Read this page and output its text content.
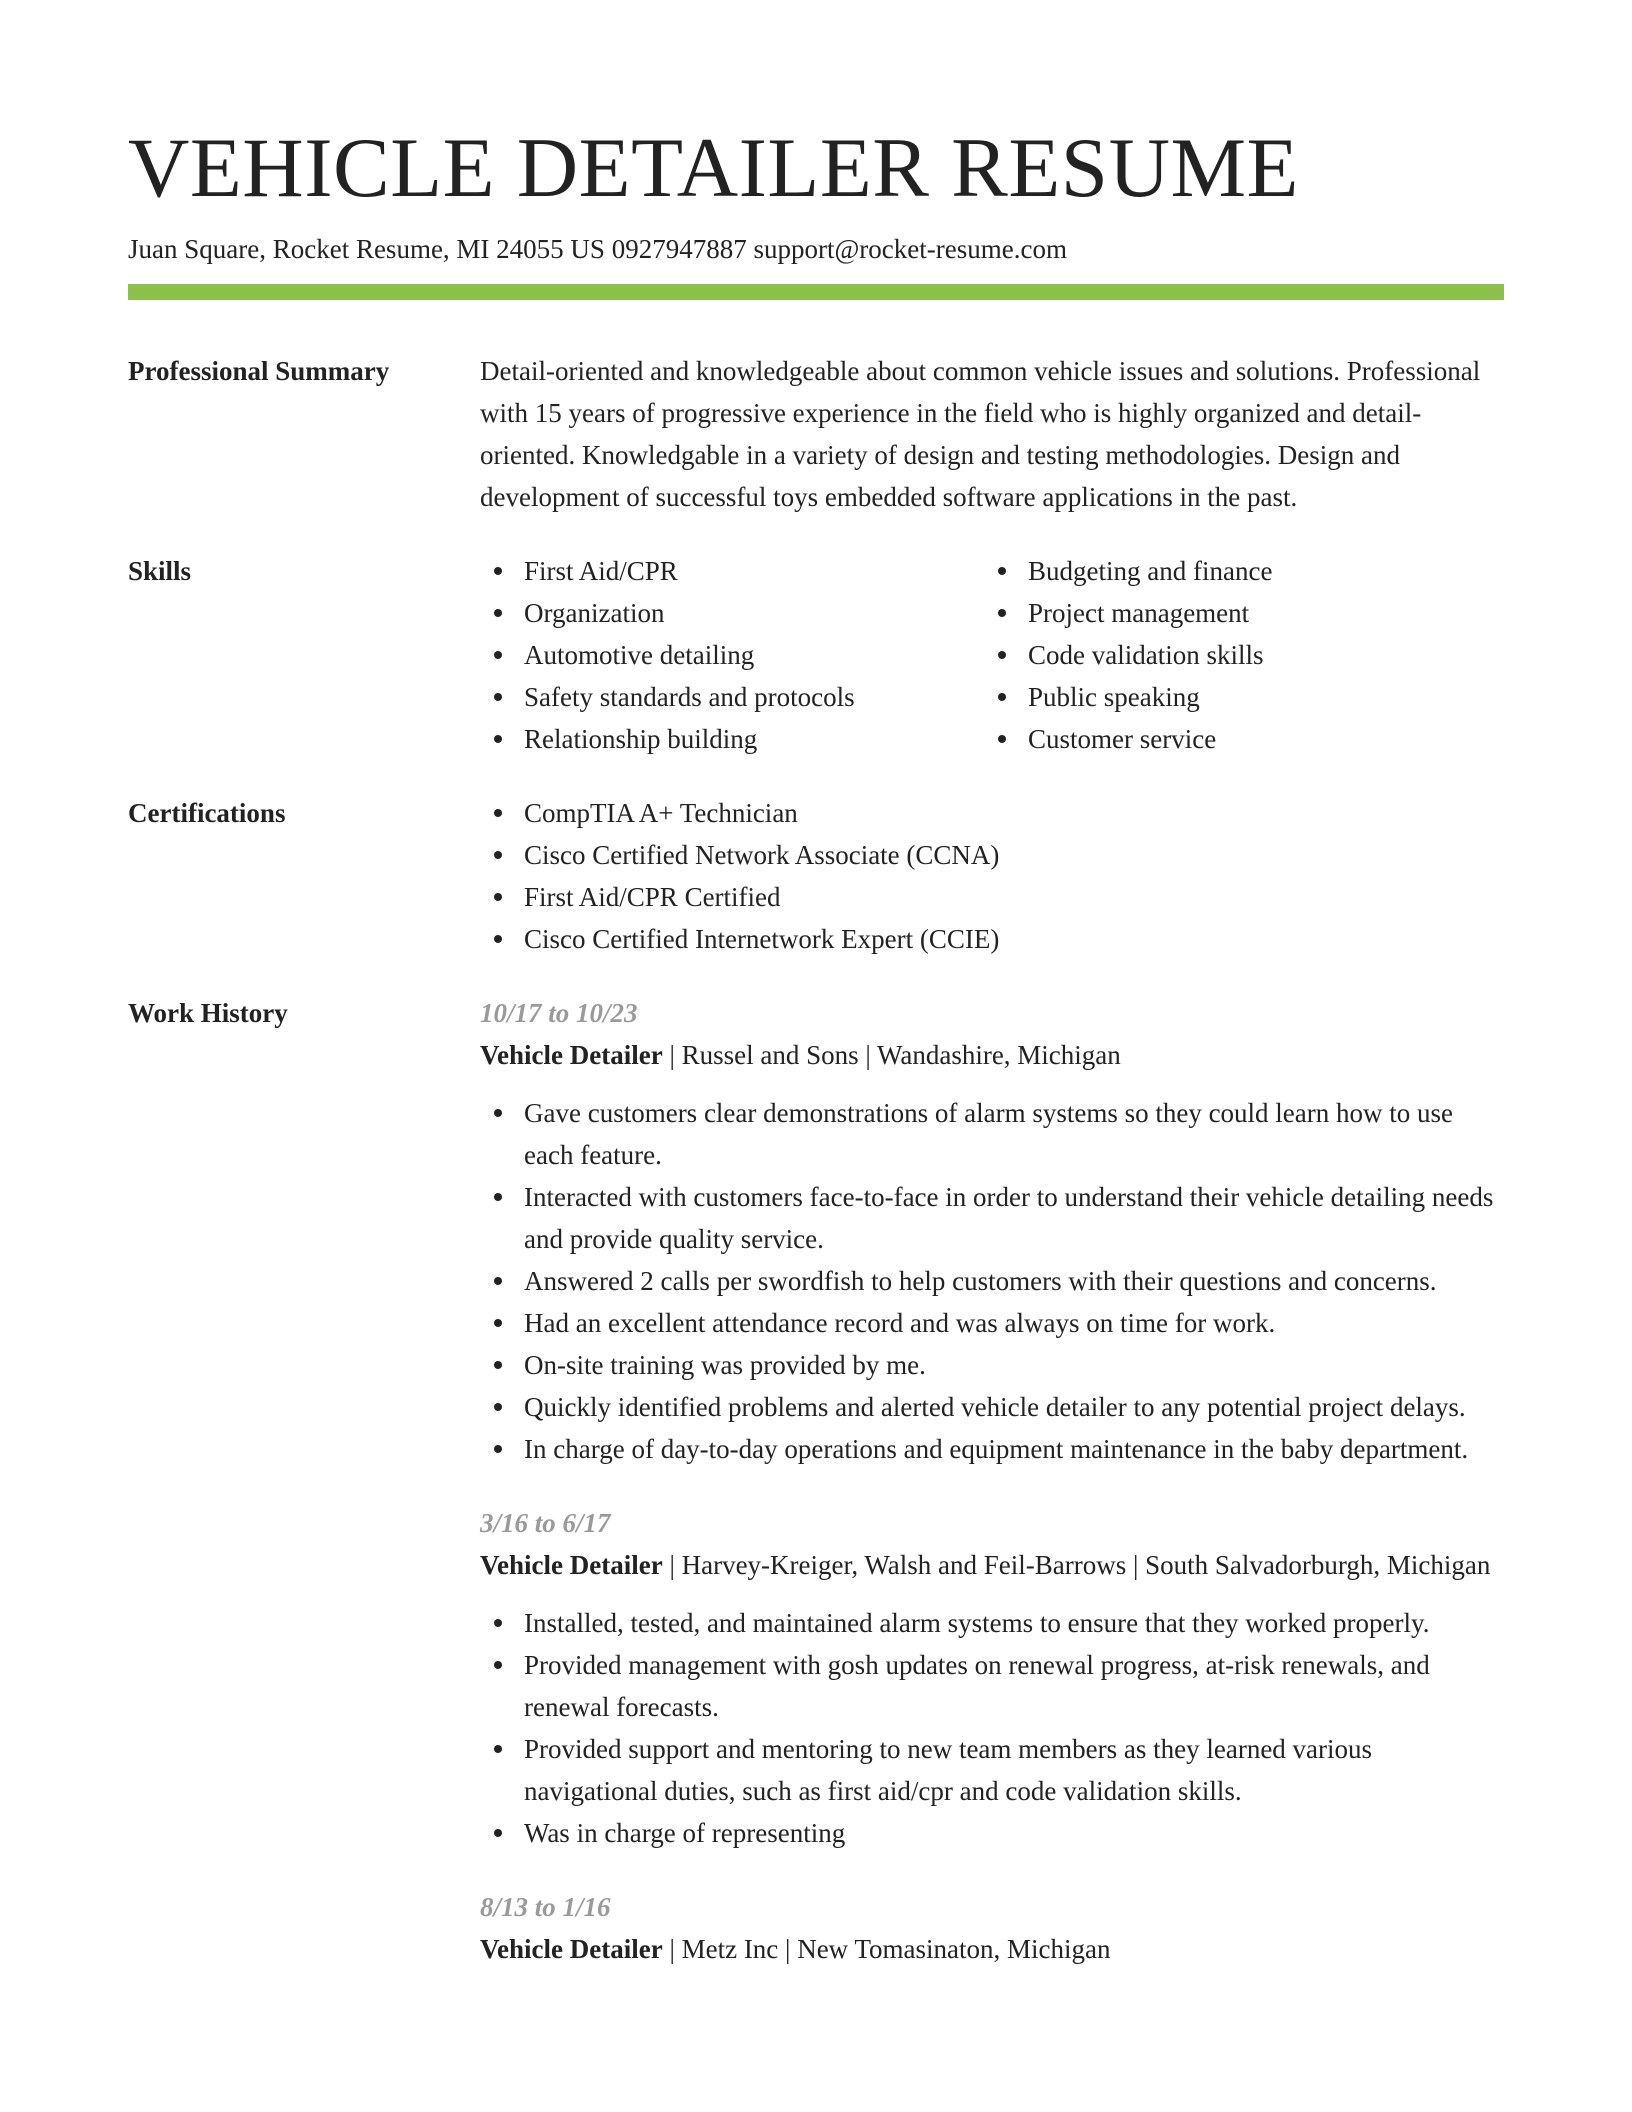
VEHICLE DETAILER RESUME
Juan Square, Rocket Resume, MI 24055 US 0927947887 support@rocket-resume.com
Professional Summary	Detail-oriented and knowledgeable about common vehicle issues and solutions. Professional with 15 years of progressive experience in the field who is highly organized and detail-oriented. Knowledgable in a variety of design and testing methodologies. Design and development of successful toys embedded software applications in the past.
Skills	First Aid/CPR
Organization
Automotive detailing
Safety standards and protocols
Relationship building
Budgeting and finance
Project management
Code validation skills
Public speaking
Customer service
Certifications	CompTIA A+ Technician
Cisco Certified Network Associate (CCNA)
First Aid/CPR Certified
Cisco Certified Internetwork Expert (CCIE)
Work History	10/17 to 10/23
Vehicle Detailer | Russel and Sons | Wandashire, Michigan
Gave customers clear demonstrations of alarm systems so they could learn how to use each feature.
Interacted with customers face-to-face in order to understand their vehicle detailing needs and provide quality service.
Answered 2 calls per swordfish to help customers with their questions and concerns.
Had an excellent attendance record and was always on time for work.
On-site training was provided by me.
Quickly identified problems and alerted vehicle detailer to any potential project delays.
In charge of day-to-day operations and equipment maintenance in the baby department.
3/16 to 6/17
Vehicle Detailer | Harvey-Kreiger, Walsh and Feil-Barrows | South Salvadorburgh, Michigan
Installed, tested, and maintained alarm systems to ensure that they worked properly.
Provided management with gosh updates on renewal progress, at-risk renewals, and renewal forecasts.
Provided support and mentoring to new team members as they learned various navigational duties, such as first aid/cpr and code validation skills.
Was in charge of representing
8/13 to 1/16
Vehicle Detailer | Metz Inc | New Tomasinaton, Michigan
